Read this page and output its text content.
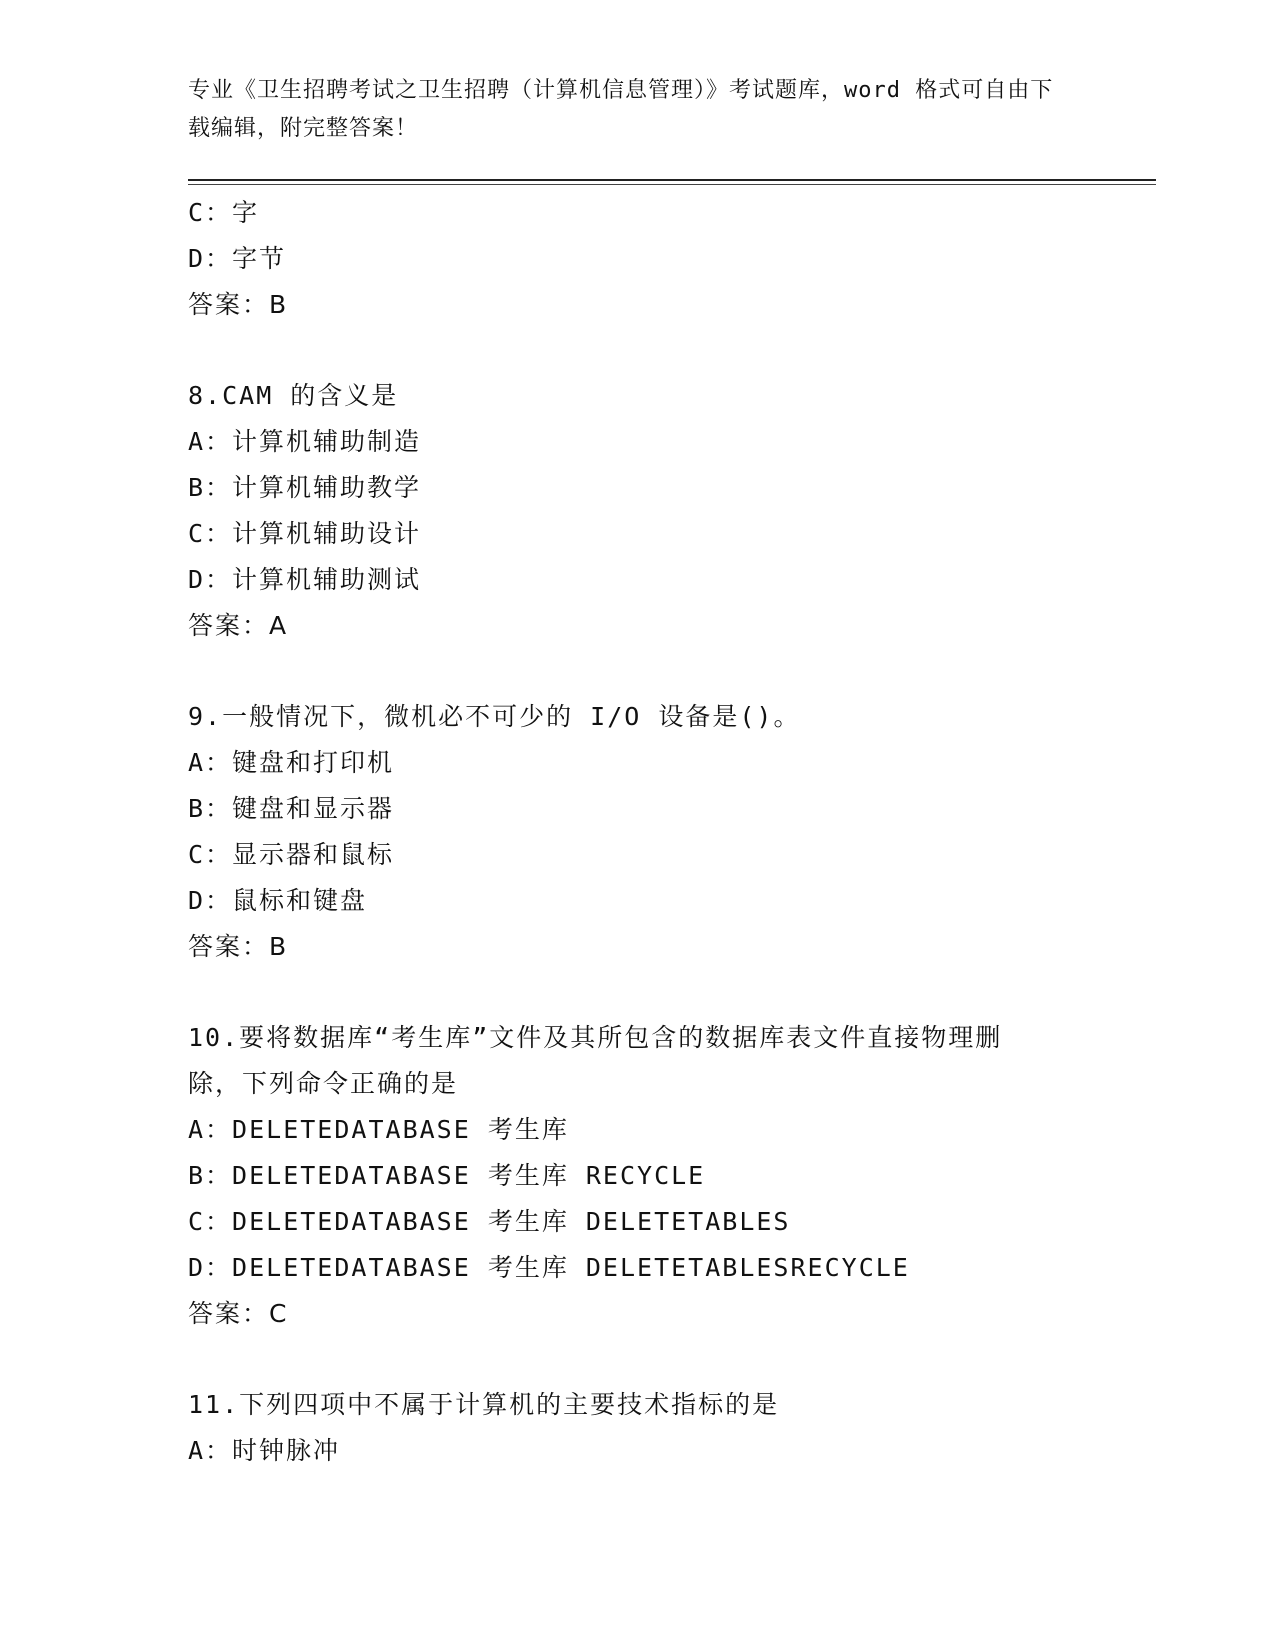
专业《卫生招聘考试之卫生招聘（计算机信息管理）》考试题库，word 格式可自由下载编辑，附完整答案！
C：字
D：字节
答案：B
8.CAM 的含义是
A：计算机辅助制造
B：计算机辅助教学
C：计算机辅助设计
D：计算机辅助测试
答案：A
9.一般情况下，微机必不可少的 I/O 设备是()。
A：键盘和打印机
B：键盘和显示器
C：显示器和鼠标
D：鼠标和键盘
答案：B
10.要将数据库“考生库”文件及其所包含的数据库表文件直接物理删
除，下列命令正确的是
A：DELETEDATABASE 考生库
B：DELETEDATABASE 考生库 RECYCLE
C：DELETEDATABASE 考生库 DELETETABLES
D：DELETEDATABASE 考生库 DELETETABLESRECYCLE
答案：C
11.下列四项中不属于计算机的主要技术指标的是
A：时钟脉冲
